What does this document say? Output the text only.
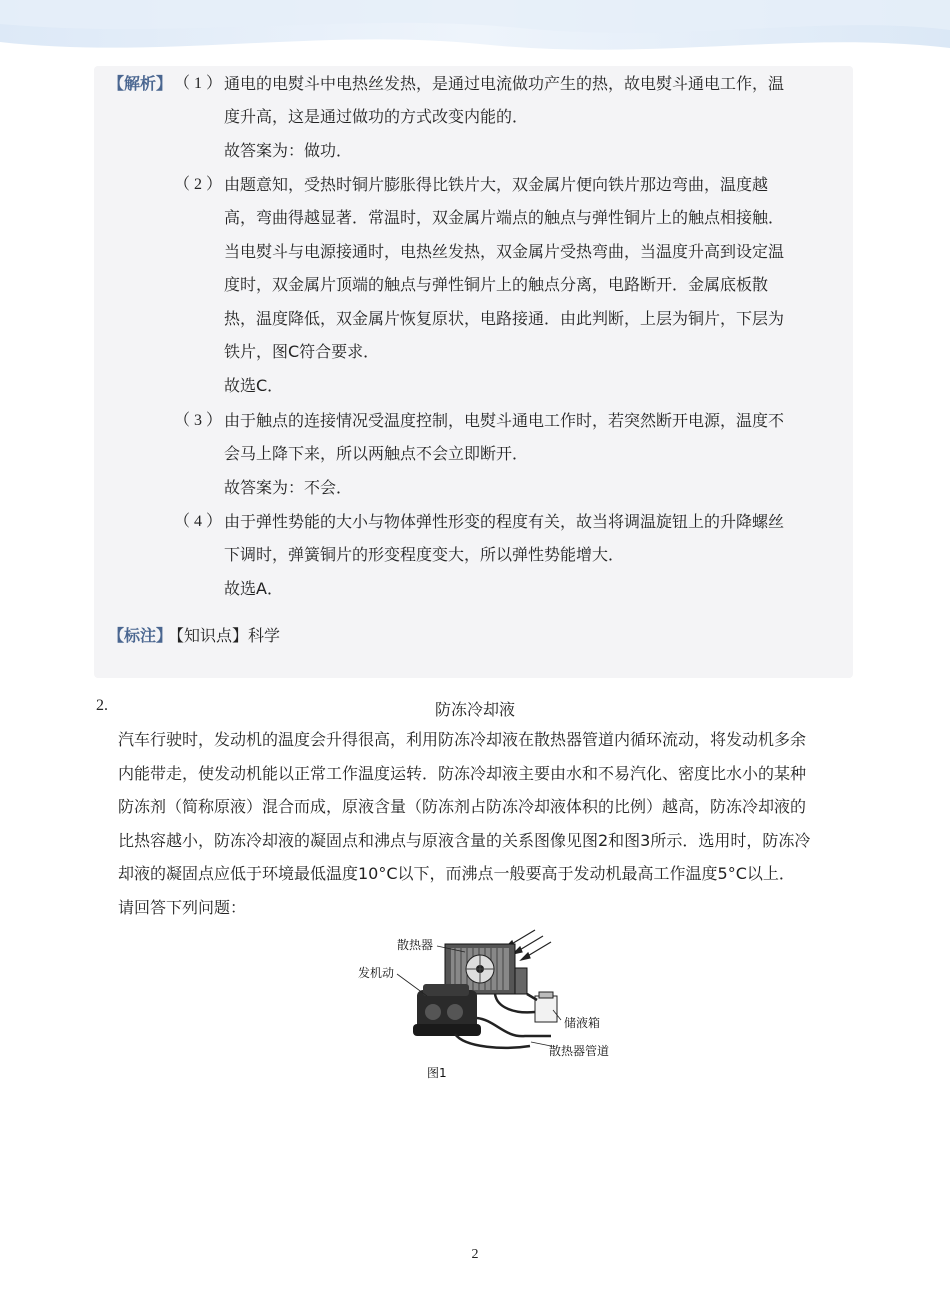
【解析】 （ 1 ） 通电的电熨斗中电热丝发热，是通过电流做功产生的热，故电熨斗通电工作，温
度升高，这是通过做功的方式改变内能的．
故答案为：做功．
（ 2 ） 由题意知，受热时铜片膨胀得比铁片大，双金属片便向铁片那边弯曲，温度越
高，弯曲得越显著．常温时，双金属片端点的触点与弹性铜片上的触点相接触．
当电熨斗与电源接通时，电热丝发热，双金属片受热弯曲，当温度升高到设定温
度时，双金属片顶端的触点与弹性铜片上的触点分离，电路断开．金属底板散
热，温度降低，双金属片恢复原状，电路接通．由此判断，上层为铜片，下层为
铁片，图C符合要求．
故选C．
（ 3 ） 由于触点的连接情况受温度控制，电熨斗通电工作时，若突然断开电源，温度不
会马上降下来，所以两触点不会立即断开．
故答案为：不会．
（ 4 ） 由于弹性势能的大小与物体弹性形变的程度有关，故当将调温旋钮上的升降螺丝
下调时，弹簧铜片的形变程度变大，所以弹性势能增大．
故选A．
【标注】
【知识点】科学
2.	防冻冷却液
汽车行驶时，发动机的温度会升得很高，利用防冻冷却液在散热器管道内循环流动，将发动机多余
内能带走，使发动机能以正常工作温度运转．防冻冷却液主要由水和不易汽化、密度比水小的某种
防冻剂（简称原液）混合而成，原液含量（防冻剂占防冻冷却液体积的比例）越高，防冻冷却液的
比热容越小，防冻冷却液的凝固点和沸点与原液含量的关系图像见图2和图3所示．选用时，防冻冷
却液的凝固点应低于环境最低温度10°C以下，而沸点一般要高于发动机最高工作温度5°C以上．
请回答下列问题：
散热器
发机动
储液箱
散热器管道
图1
2
